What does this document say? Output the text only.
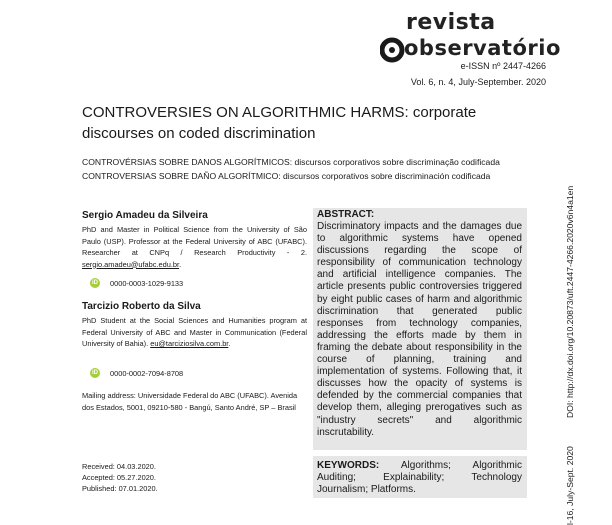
revista
observatório
e-ISSN nº 2447-4266
Vol. 6, n. 4, July-September. 2020
CONTROVERSIES ON ALGORITHMIC HARMS: corporate discourses on coded discrimination
CONTROVÉRSIAS SOBRE DANOS ALGORÍTMICOS: discursos corporativos sobre discriminação codificada
CONTROVERSIAS SOBRE DAÑO ALGORÍTMICO: discursos corporativos sobre discriminación codificada
Sergio Amadeu da Silveira
PhD and Master in Political Science from the University of São Paulo (USP). Professor at the Federal University of ABC (UFABC). Researcher at CNPq / Research Productivity - 2. sergio.amadeu@ufabc.edu.br.
iD 0000-0003-1029-9133
Tarcizio Roberto da Silva
PhD Student at the Social Sciences and Humanities program at Federal University of ABC and Master in Communication (Federal University of Bahia). eu@tarciziosilva.com.br.
iD 0000-0002-7094-8708
Mailing address: Universidade Federal do ABC (UFABC). Avenida dos Estados, 5001, 09210-580 - Bangú, Santo André, SP – Brasil
Received: 04.03.2020.
Accepted: 05.27.2020.
Published: 07.01.2020.
ABSTRACT:
Discriminatory impacts and the damages due to algorithmic systems have opened discussions regarding the scope of responsibility of communication technology and artificial intelligence companies. The article presents public controversies triggered by eight public cases of harm and algorithmic discrimination that generated public responses from technology companies, addressing the efforts made by them in framing the debate about responsibility in the course of planning, training and implementation of systems. Following that, it discusses how the opacity of systems is defended by the commercial companies that develop them, alleging prerogatives such as "industry secrets" and algorithmic inscrutability.
KEYWORDS: Algorithms; Algorithmic Auditing; Explainability; Technology Journalism; Platforms.
DOI: http://dx.doi.org/10.20873/uft.2447-4266.2020v6n4a1en
l-16, July-Sept. 2020
